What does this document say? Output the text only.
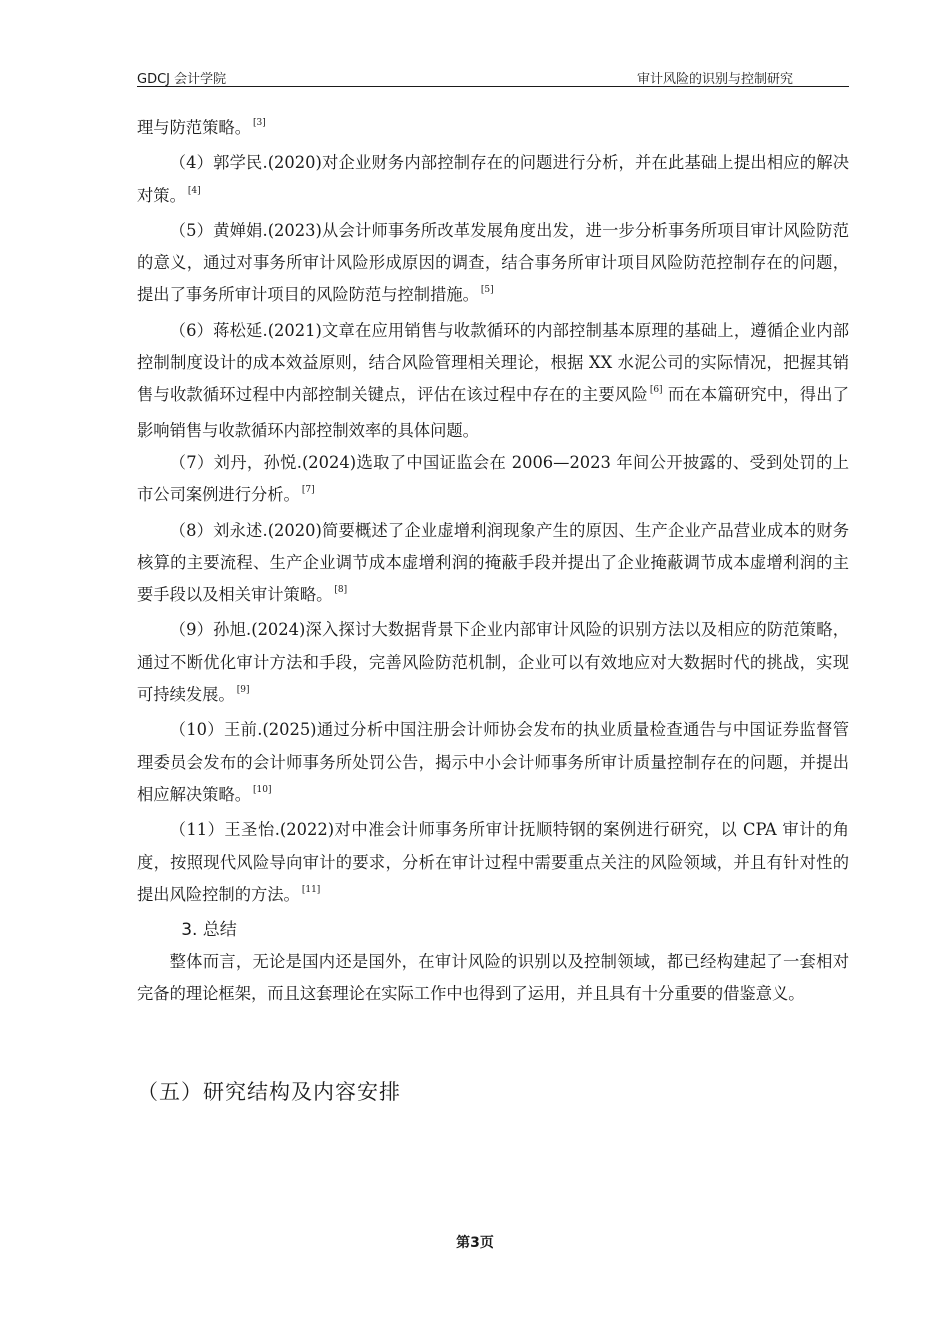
GDCJ 会计学院	审计风险的识别与控制研究

理与防范策略。 [3]

（4）郭学民.(2020)对企业财务内部控制存在的问题进行分析，并在此基础上提出相应的解决对策。 [4]

（5）黄婵娟.(2023)从会计师事务所改革发展角度出发，进一步分析事务所项目审计风险防范的意义，通过对事务所审计风险形成原因的调查，结合事务所审计项目风险防范控制存在的问题，提出了事务所审计项目的风险防范与控制措施。 [5]

（6）蒋松延.(2021)文章在应用销售与收款循环的内部控制基本原理的基础上，遵循企业内部控制制度设计的成本效益原则，结合风险管理相关理论，根据 XX 水泥公司的实际情况，把握其销售与收款循环过程中内部控制关键点，评估在该过程中存在的主要风险 [6] 而在本篇研究中，得出了影响销售与收款循环内部控制效率的具体问题。

（7）刘丹，孙悦.(2024)选取了中国证监会在 2006—2023 年间公开披露的、受到处罚的上市公司案例进行分析。 [7]

（8）刘永述.(2020)简要概述了企业虚增利润现象产生的原因、生产企业产品营业成本的财务核算的主要流程、生产企业调节成本虚增利润的掩蔽手段并提出了企业掩蔽调节成本虚增利润的主要手段以及相关审计策略。 [8]

（9）孙旭.(2024)深入探讨大数据背景下企业内部审计风险的识别方法以及相应的防范策略，通过不断优化审计方法和手段，完善风险防范机制，企业可以有效地应对大数据时代的挑战，实现可持续发展。 [9]

（10）王前.(2025)通过分析中国注册会计师协会发布的执业质量检查通告与中国证券监督管理委员会发布的会计师事务所处罚公告，揭示中小会计师事务所审计质量控制存在的问题，并提出相应解决策略。 [10]

（11）王圣怡.(2022)对中准会计师事务所审计抚顺特钢的案例进行研究，以 CPA 审计的角度，按照现代风险导向审计的要求，分析在审计过程中需要重点关注的风险领域，并且有针对性的提出风险控制的方法。 [11]

3. 总结

整体而言，无论是国内还是国外，在审计风险的识别以及控制领域，都已经构建起了一套相对完备的理论框架，而且这套理论在实际工作中也得到了运用，并且具有十分重要的借鉴意义。

（五）研究结构及内容安排
第3页
